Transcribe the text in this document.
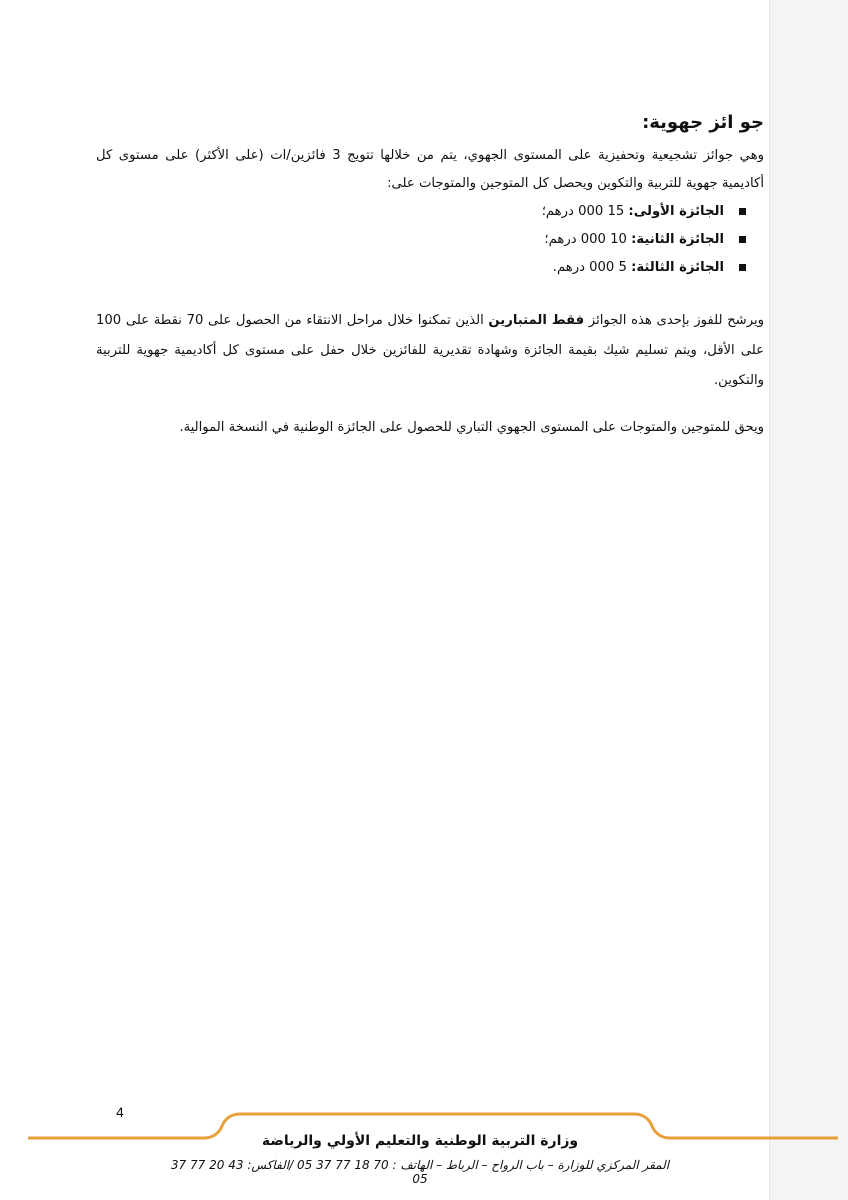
جو ائز جهوية:

وهي جوائز تشجيعية وتحفيزية على المستوى الجهوي، يتم من خلالها تتويج 3 فائزين/ات (على الأكثر) على مستوى كل أكاديمية جهوية للتربية والتكوين ويحصل كل المتوجين والمتوجات على:

الجائزة الأولى: 15 000 درهم؛
الجائزة الثانية: 10 000 درهم؛
الجائزة الثالثة: 5 000 درهم.

ويرشح للفوز بإحدى هذه الجوائز فقط المتبارين الذين تمكنوا خلال مراحل الانتقاء من الحصول على 70 نقطة على 100 على الأقل، ويتم تسليم شيك بقيمة الجائزة وشهادة تقديرية للفائزين خلال حفل على مستوى كل أكاديمية جهوية للتربية والتكوين.

ويحق للمتوجين والمتوجات على المستوى الجهوي التباري للحصول على الجائزة الوطنية في النسخة الموالية.

4
وزارة التربية الوطنية والتعليم الأولي والرياضة
المقر المركزي للوزارة – باب الرواح – الرباط – الهاتف : 70 18 77 37 05 /الفاكس: 43 20 77 37 05
